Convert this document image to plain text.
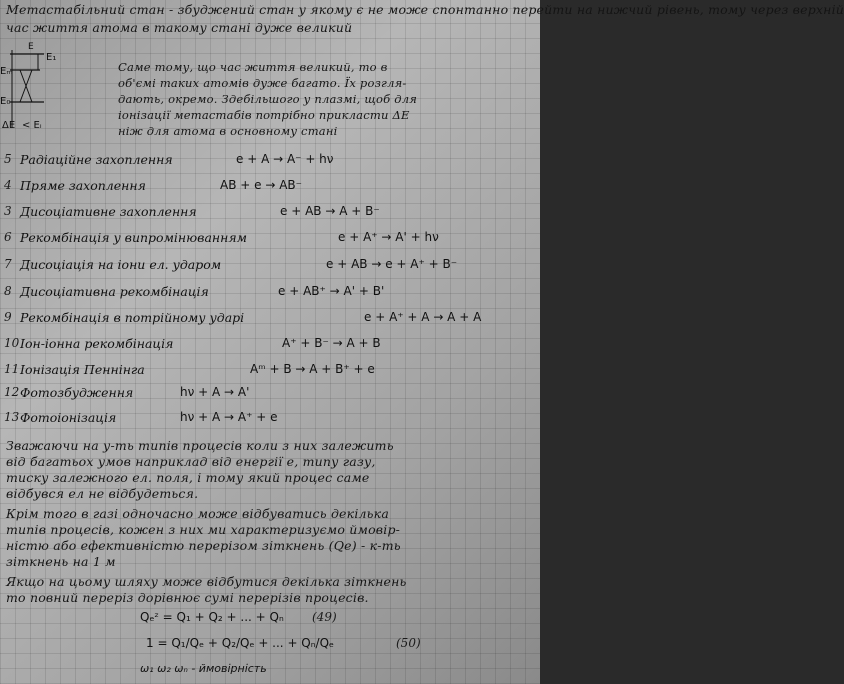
Метастабільний стан - збуджений стан у якому є не може спонтанно перейти на нижчий рівень, тому через верхній
час життя атома в такому стані дуже великий
E
E₁
Eₘ
E₀
ΔE < Eᵢ
Саме тому, що час життя великий, то в
об'ємі таких атомів дуже багато. Їх розгля-
дають, окремо. Здебільшого у плазмі, щоб для
іонізації метастабів потрібно прикласти ΔE
ніж для атома в основному стані
5 Радіаційне захоплення	e + A → A⁻ + hν
4 Пряме захоплення	AB + e → AB⁻
3 Дисоціативне захоплення	e + AB → A + B⁻
6 Рекомбінація у випромінюванням	e + A⁺ → A' + hν
7 Дисоціація на іони ел. ударом	e + AB → e + A⁺ + B⁻
8 Дисоціативна рекомбінація	e + AB⁺ → A' + B'
9 Рекомбінація в потрійному ударі	e + A⁺ + A → A + A
10 Іон-іонна рекомбінація	A⁺ + B⁻ → A + B
11 Іонізація Пеннінга	Aᵐ + B → A + B⁺ + e
12 Фотозбудження	hν + A → A'
13 Фотоіонізація	hν + A → A⁺ + e
Зважаючи на у-ть типів процесів коли з них залежить
від багатьох умов наприклад від енергії е, типу газу,
тиску залежного ел. поля, і тому який процес саме
відбувся ел не відбудеться.
Крім того в газі одночасно може відбуватись декілька
типів процесів, кожен з них ми характеризуємо ймовір-
ністю або ефективністю перерізом зіткнень (Qe) - к-ть
зіткнень на 1 м
Якщо на цьому шляху може відбутися декілька зіткнень
то повний переріз дорівнює сумі перерізів процесів.
Qₑᶻ = Q₁ + Q₂ + ... + Qₙ (49)
1 = Q₁/Qₑ + Q₂/Qₑ + ... + Qₙ/Qₑ	(50)
ω₁ ω₂ ωₙ - ймовірність
